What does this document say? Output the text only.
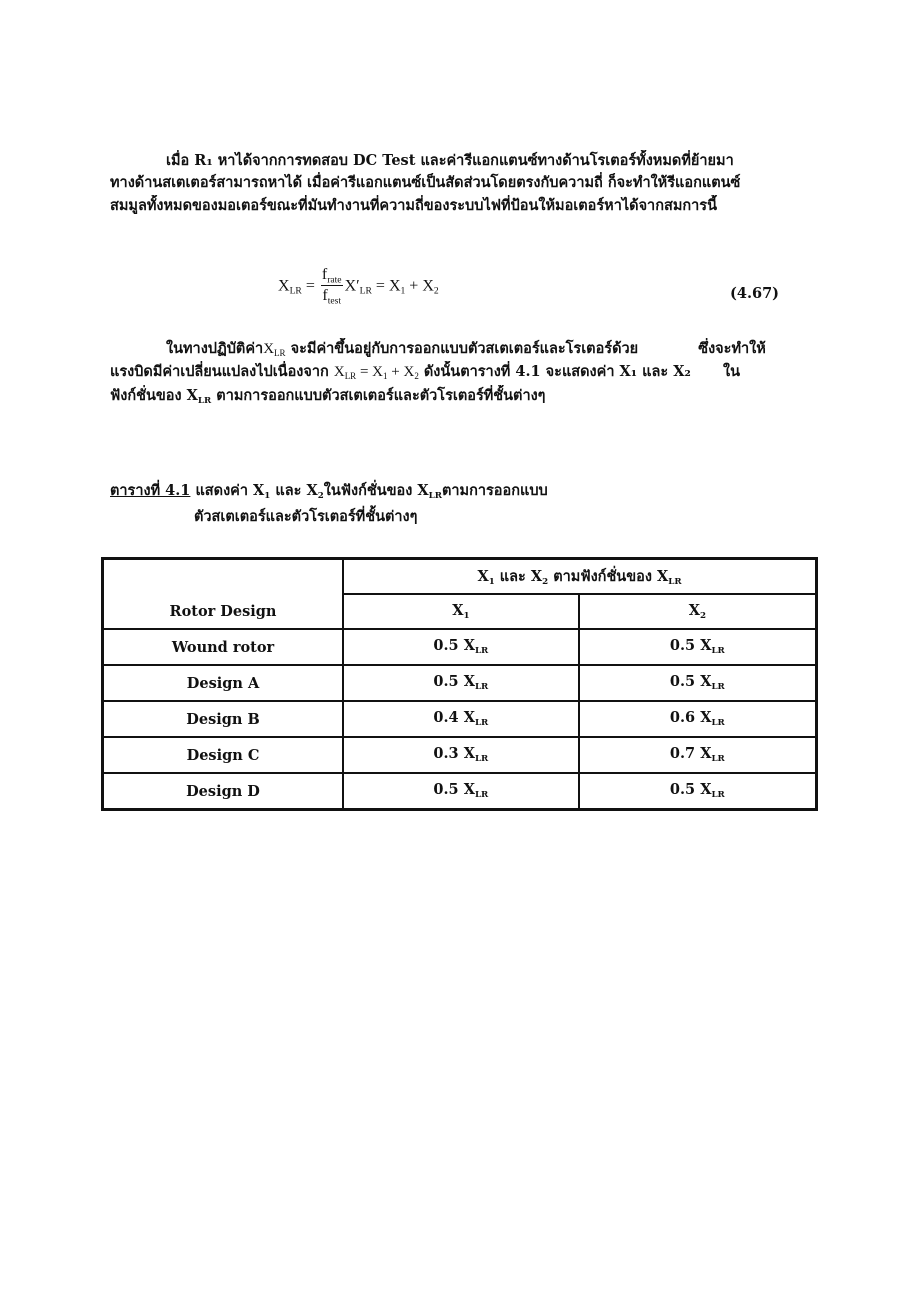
เมื่อ R₁ หาได้จากการทดสอบ DC Test และค่ารีแอกแตนซ์ทางด้านโรเตอร์ทั้งหมดที่ย้ายมา
ทางด้านสเตเตอร์สามารถหาได้ เมื่อค่ารีแอกแตนซ์เป็นสัดส่วนโดยตรงกับความถี่ ก็จะทำให้รีแอกแตนซ์
สมมูลทั้งหมดของมอเตอร์ขณะที่มันทำงานที่ความถี่ของระบบไฟที่ป้อนให้มอเตอร์หาได้จากสมการนี้
$X_{LR} = \frac{f_{rate}}{f_{test}} X'_{LR} = X_1 + X_2$	(4.67)
ในทางปฏิบัติค่า$X_{LR}$ จะมีค่าขึ้นอยู่กับการออกแบบตัวสเตเตอร์และโรเตอร์ด้วย	ซึ่งจะทำให้
แรงบิดมีค่าเปลี่ยนแปลงไปเนื่องจาก $X_{LR} = X_1 + X_2$ ดังนั้นตารางที่ 4.1 จะแสดงค่า X₁ และ X₂ ใน
ฟังก์ชั่นของ $X_{LR}$ ตามการออกแบบตัวสเตเตอร์และตัวโรเตอร์ที่ชั้นต่างๆ
ตารางที่ 4.1 แสดงค่า $X_1$ และ $X_2$ในฟังก์ชั่นของ $X_{LR}$ตามการออกแบบ
ตัวสเตเตอร์และตัวโรเตอร์ที่ชั้นต่างๆ
Rotor Design	$X_1$ และ $X_2$ ตามฟังก์ชั่นของ $X_{LR}$
	$X_1$	$X_2$
Wound rotor	0.5 $X_{LR}$	0.5 $X_{LR}$
Design A	0.5 $X_{LR}$	0.5 $X_{LR}$
Design B	0.4 $X_{LR}$	0.6 $X_{LR}$
Design C	0.3 $X_{LR}$	0.7 $X_{LR}$
Design D	0.5 $X_{LR}$	0.5 $X_{LR}$
